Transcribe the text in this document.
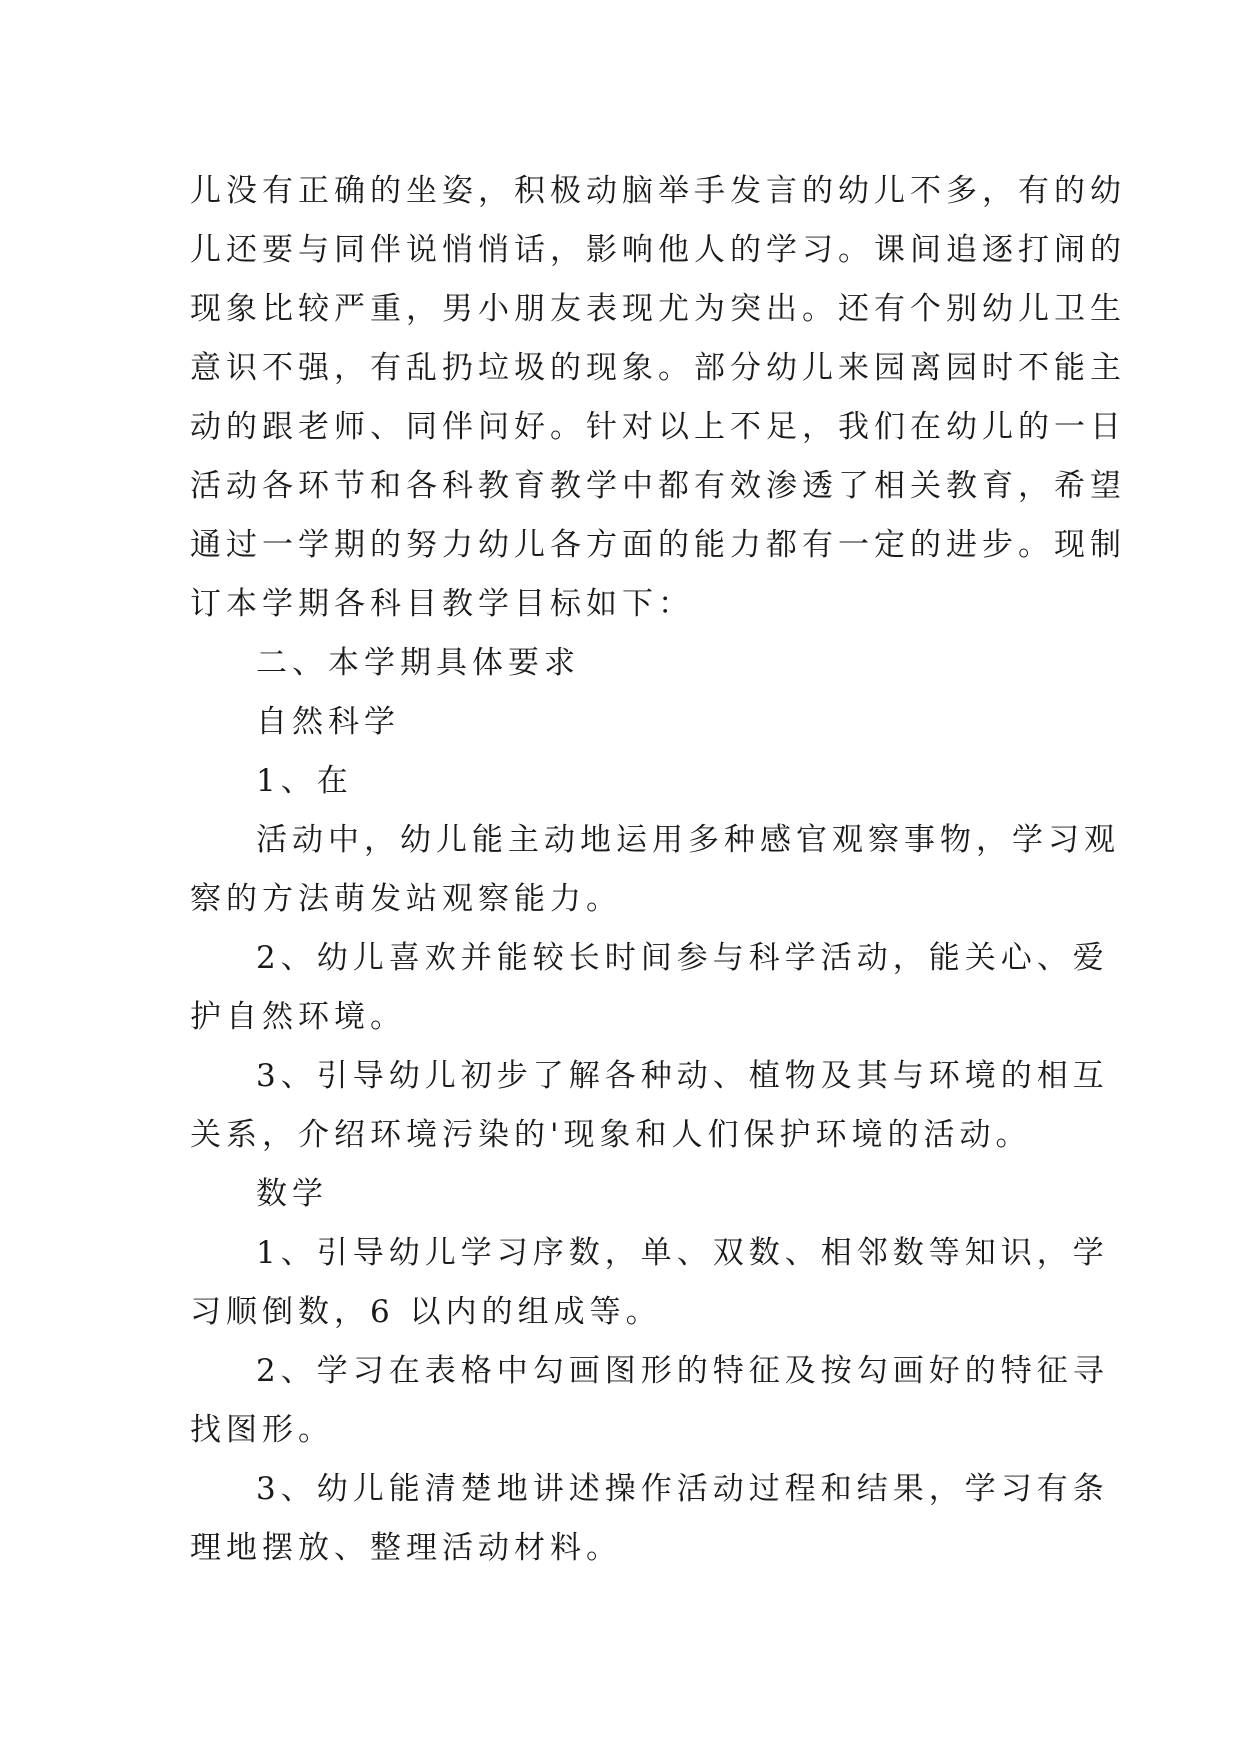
儿没有正确的坐姿，积极动脑举手发言的幼儿不多，有的幼
儿还要与同伴说悄悄话，影响他人的学习。课间追逐打闹的
现象比较严重，男小朋友表现尤为突出。还有个别幼儿卫生
意识不强，有乱扔垃圾的现象。部分幼儿来园离园时不能主
动的跟老师、同伴问好。针对以上不足，我们在幼儿的一日
活动各环节和各科教育教学中都有效渗透了相关教育，希望
通过一学期的努力幼儿各方面的能力都有一定的进步。现制
订本学期各科目教学目标如下：
二、本学期具体要求
自然科学
1、在
活动中，幼儿能主动地运用多种感官观察事物，学习观
察的方法萌发站观察能力。
2、幼儿喜欢并能较长时间参与科学活动，能关心、爱
护自然环境。
3、引导幼儿初步了解各种动、植物及其与环境的相互
关系，介绍环境污染的'现象和人们保护环境的活动。
数学
1、引导幼儿学习序数，单、双数、相邻数等知识，学
习顺倒数，6 以内的组成等。
2、学习在表格中勾画图形的特征及按勾画好的特征寻
找图形。
3、幼儿能清楚地讲述操作活动过程和结果，学习有条
理地摆放、整理活动材料。
